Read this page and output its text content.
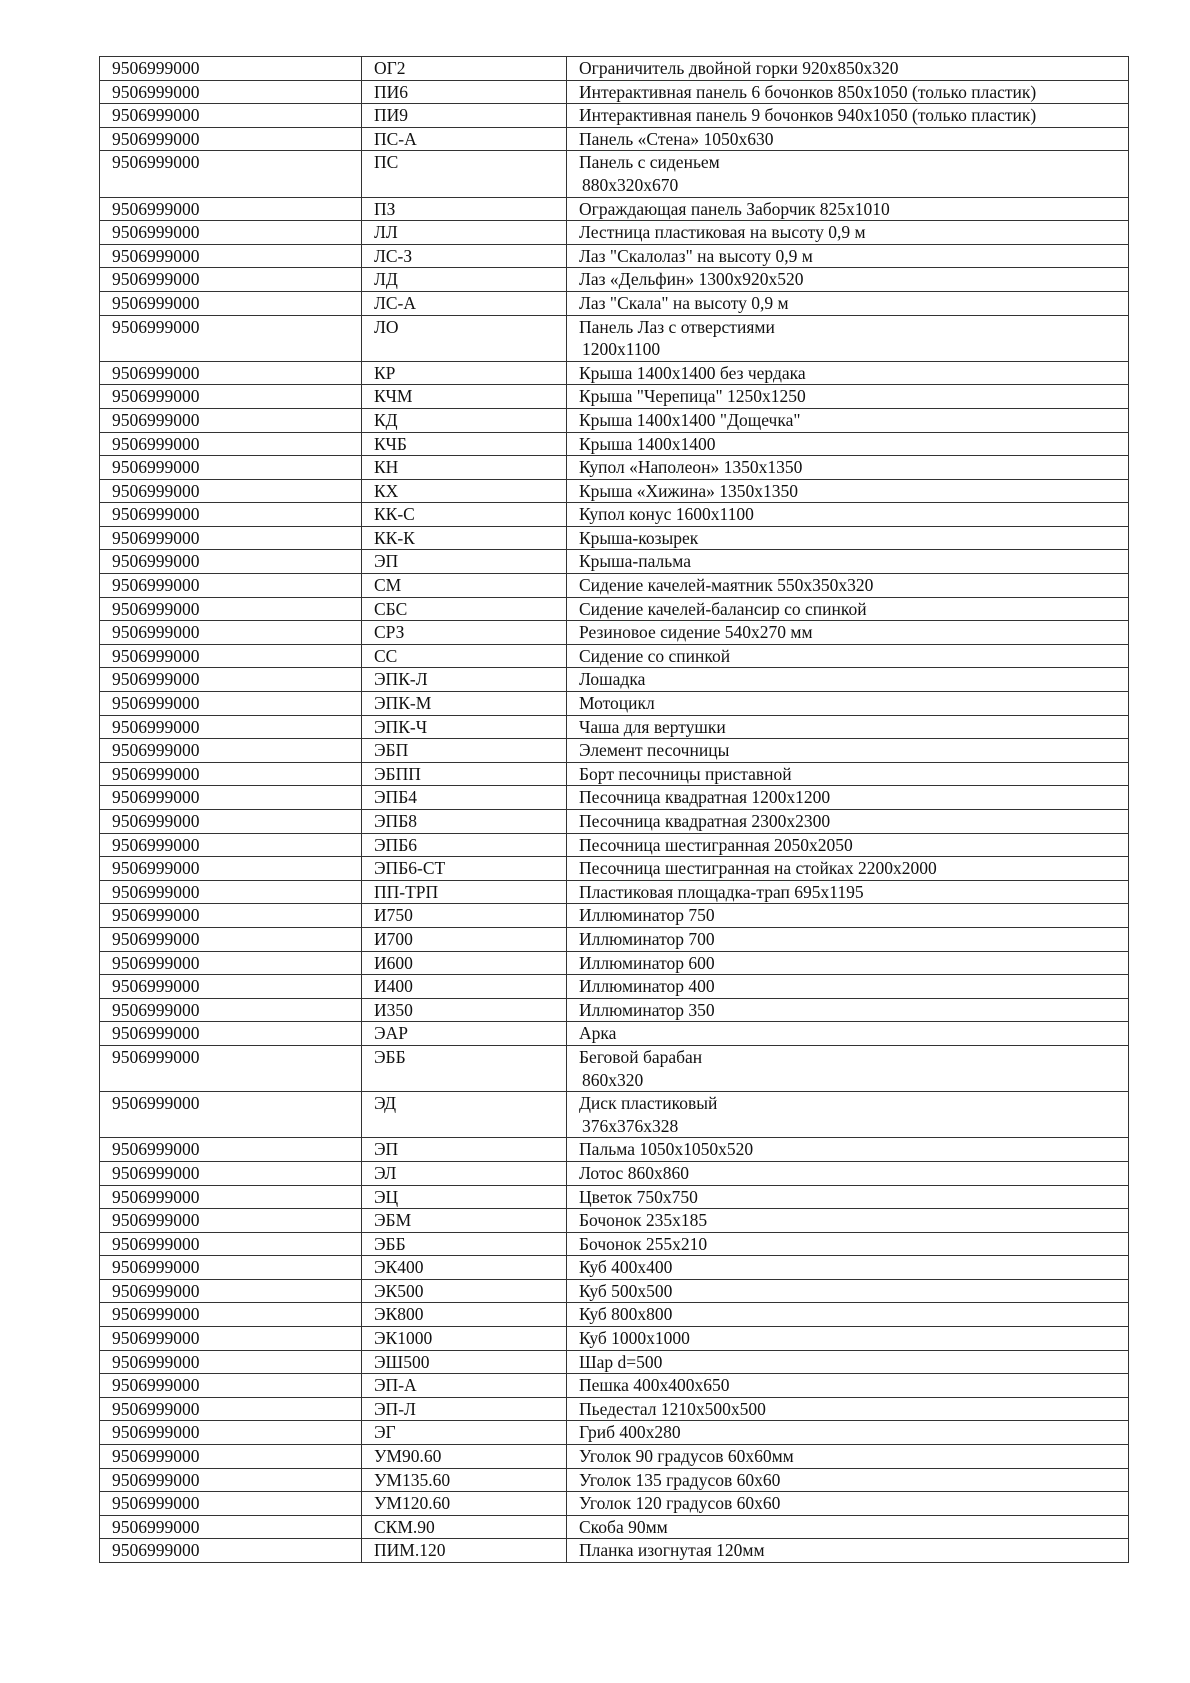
9506999000	ОГ2	Ограничитель двойной горки 920x850x320
9506999000	ПИ6	Интерактивная панель 6 бочонков 850x1050 (только пластик)
9506999000	ПИ9	Интерактивная панель 9 бочонков 940x1050 (только пластик)
9506999000	ПС-А	Панель «Стена» 1050x630
9506999000	ПС	Панель с сиденьем
880x320x670

9506999000	ПЗ	Ограждающая панель Заборчик 825x1010
9506999000	ЛЛ	Лестница пластиковая на высоту 0,9 м
9506999000	ЛС-З	Лаз "Скалолаз" на высоту 0,9 м
9506999000	ЛД	Лаз «Дельфин» 1300x920x520
9506999000	ЛС-А	Лаз "Скала" на высоту 0,9 м
9506999000	ЛО	Панель Лаз с отверстиями
1200x1100

9506999000	КР	Крыша 1400x1400 без чердака
9506999000	КЧМ	Крыша "Черепица" 1250x1250
9506999000	КД	Крыша 1400x1400 "Дощечка"
9506999000	КЧБ	Крыша 1400x1400
9506999000	КН	Купол «Наполеон» 1350x1350
9506999000	КХ	Крыша «Хижина» 1350x1350
9506999000	КК-С	Купол конус 1600x1100
9506999000	КК-К	Крыша-козырек
9506999000	ЭП	Крыша-пальма
9506999000	СМ	Сидение качелей-маятник 550x350x320
9506999000	СБС	Сидение качелей-балансир со спинкой
9506999000	СРЗ	Резиновое сидение 540x270 мм
9506999000	СС	Сидение со спинкой
9506999000	ЭПК-Л	Лошадка
9506999000	ЭПК-М	Мотоцикл
9506999000	ЭПК-Ч	Чаша для вертушки
9506999000	ЭБП	Элемент песочницы
9506999000	ЭБПП	Борт песочницы приставной
9506999000	ЭПБ4	Песочница квадратная 1200x1200
9506999000	ЭПБ8	Песочница квадратная 2300x2300
9506999000	ЭПБ6	Песочница шестигранная 2050x2050
9506999000	ЭПБ6-СТ	Песочница шестигранная на стойках 2200x2000
9506999000	ПП-ТРП	Пластиковая площадка-трап 695x1195
9506999000	И750	Иллюминатор 750
9506999000	И700	Иллюминатор 700
9506999000	И600	Иллюминатор 600
9506999000	И400	Иллюминатор 400
9506999000	И350	Иллюминатор 350
9506999000	ЭАР	Арка
9506999000	ЭББ	Беговой барабан
860x320

9506999000	ЭД	Диск пластиковый
376x376x328

9506999000	ЭП	Пальма 1050x1050x520
9506999000	ЭЛ	Лотос 860x860
9506999000	ЭЦ	Цветок 750x750
9506999000	ЭБМ	Бочонок 235x185
9506999000	ЭББ	Бочонок 255x210
9506999000	ЭК400	Куб 400x400
9506999000	ЭК500	Куб 500x500
9506999000	ЭК800	Куб 800x800
9506999000	ЭК1000	Куб 1000x1000
9506999000	ЭШ500	Шар d=500
9506999000	ЭП-А	Пешка 400x400x650
9506999000	ЭП-Л	Пьедестал 1210x500x500
9506999000	ЭГ	Гриб 400x280
9506999000	УМ90.60	Уголок 90 градусов 60x60мм
9506999000	УМ135.60	Уголок 135 градусов 60x60
9506999000	УМ120.60	Уголок 120 градусов 60x60
9506999000	СКМ.90	Скоба 90мм
9506999000	ПИМ.120	Планка изогнутая 120мм
